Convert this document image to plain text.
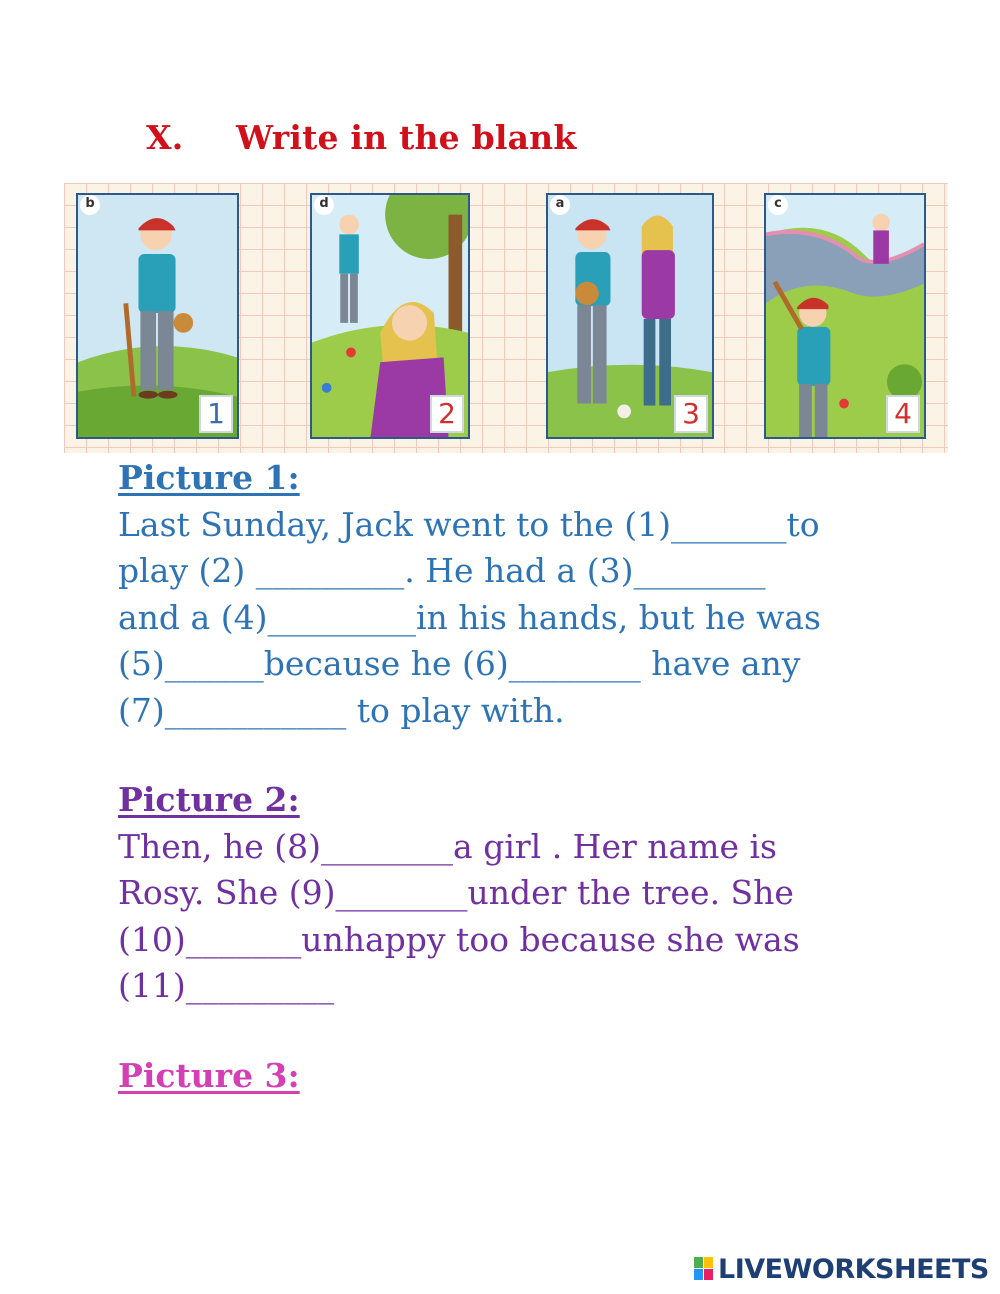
X. Write in the blank
b
1
d
2
a
3
c
4
Picture 1:
Last Sunday, Jack went to the (1)_______to
play (2) _________. He had a (3)________
and a (4)_________in his hands, but he was
(5)______because he (6)________ have any
(7)___________ to play with.
Picture 2:
Then, he (8)________a girl . Her name is
Rosy. She (9)________under the tree. She
(10)_______unhappy too because she was
(11)_________
Picture 3:
LIVEWORKSHEETS
